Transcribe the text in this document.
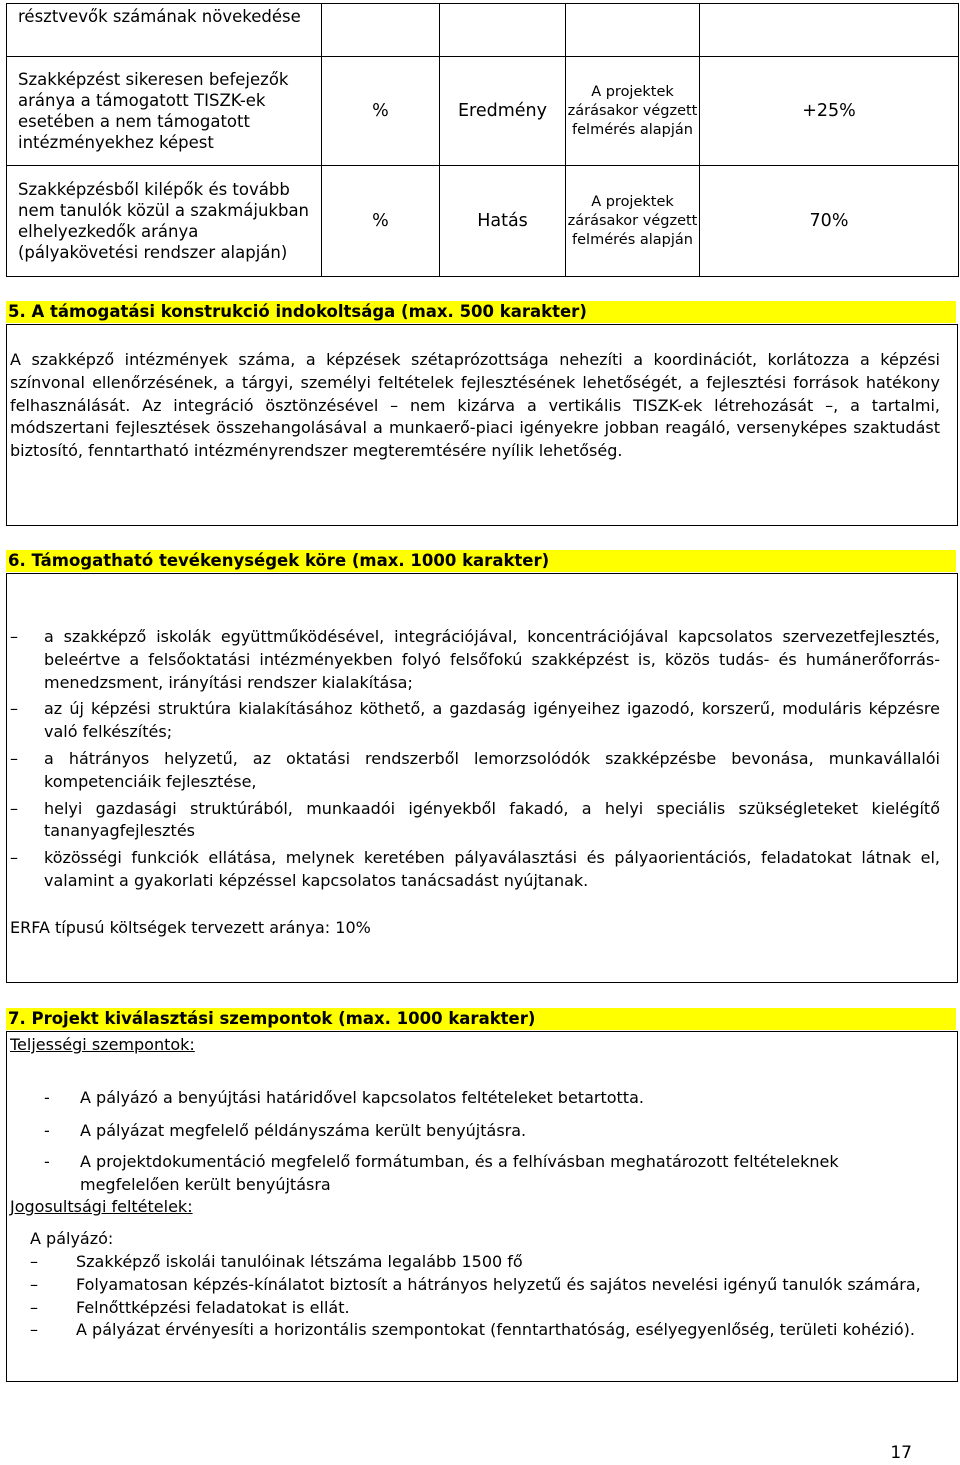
résztvevők számának növekedése				
Szakképzést sikeresen befejezők aránya a támogatott TISZK-ek esetében a nem támogatott intézményekhez képest	%	Eredmény	A projektek zárásakor végzett felmérés alapján	+25%
Szakképzésből kilépők és tovább nem tanulók közül a szakmájukban elhelyezkedők aránya (pályakövetési rendszer alapján)	%	Hatás	A projektek zárásakor végzett felmérés alapján	70%
5. A támogatási konstrukció indokoltsága (max. 500 karakter)
A szakképző intézmények száma, a képzések szétaprózottsága nehezíti a koordinációt, korlátozza a képzési színvonal ellenőrzésének, a tárgyi, személyi feltételek fejlesztésének lehetőségét, a fejlesztési források hatékony felhasználását. Az integráció ösztönzésével – nem kizárva a vertikális TISZK-ek létrehozását –, a tartalmi, módszertani fejlesztések összehangolásával a munkaerő-piaci igényekre jobban reagáló, versenyképes szaktudást biztosító, fenntartható intézményrendszer megteremtésére nyílik lehetőség.
6. Támogatható tevékenységek köre (max. 1000 karakter)
– a szakképző iskolák együttműködésével, integrációjával, koncentrációjával kapcsolatos szervezetfejlesztés, beleértve a felsőoktatási intézményekben folyó felsőfokú szakképzést is, közös tudás- és humánerőforrás-menedzsment, irányítási rendszer kialakítása;
– az új képzési struktúra kialakításához köthető, a gazdaság igényeihez igazodó, korszerű, moduláris képzésre való felkészítés;
– a hátrányos helyzetű, az oktatási rendszerből lemorzsolódók szakképzésbe bevonása, munkavállalói kompetenciáik fejlesztése,
– helyi gazdasági struktúrából, munkaadói igényekből fakadó, a helyi speciális szükségleteket kielégítő tananyagfejlesztés
– közösségi funkciók ellátása, melynek keretében pályaválasztási és pályaorientációs, feladatokat látnak el, valamint a gyakorlati képzéssel kapcsolatos tanácsadást nyújtanak.
ERFA típusú költségek tervezett aránya: 10%
7. Projekt kiválasztási szempontok (max. 1000 karakter)
Teljességi szempontok:
- A pályázó a benyújtási határidővel kapcsolatos feltételeket betartotta.
- A pályázat megfelelő példányszáma került benyújtásra.
- A projektdokumentáció megfelelő formátumban, és a felhívásban meghatározott feltételeknek megfelelően került benyújtásra
Jogosultsági feltételek:
A pályázó:
– Szakképző iskolái tanulóinak létszáma legalább 1500 fő
– Folyamatosan képzés-kínálatot biztosít a hátrányos helyzetű és sajátos nevelési igényű tanulók számára,
– Felnőttképzési feladatokat is ellát.
– A pályázat érvényesíti a horizontális szempontokat (fenntarthatóság, esélyegyenlőség, területi kohézió).
17
